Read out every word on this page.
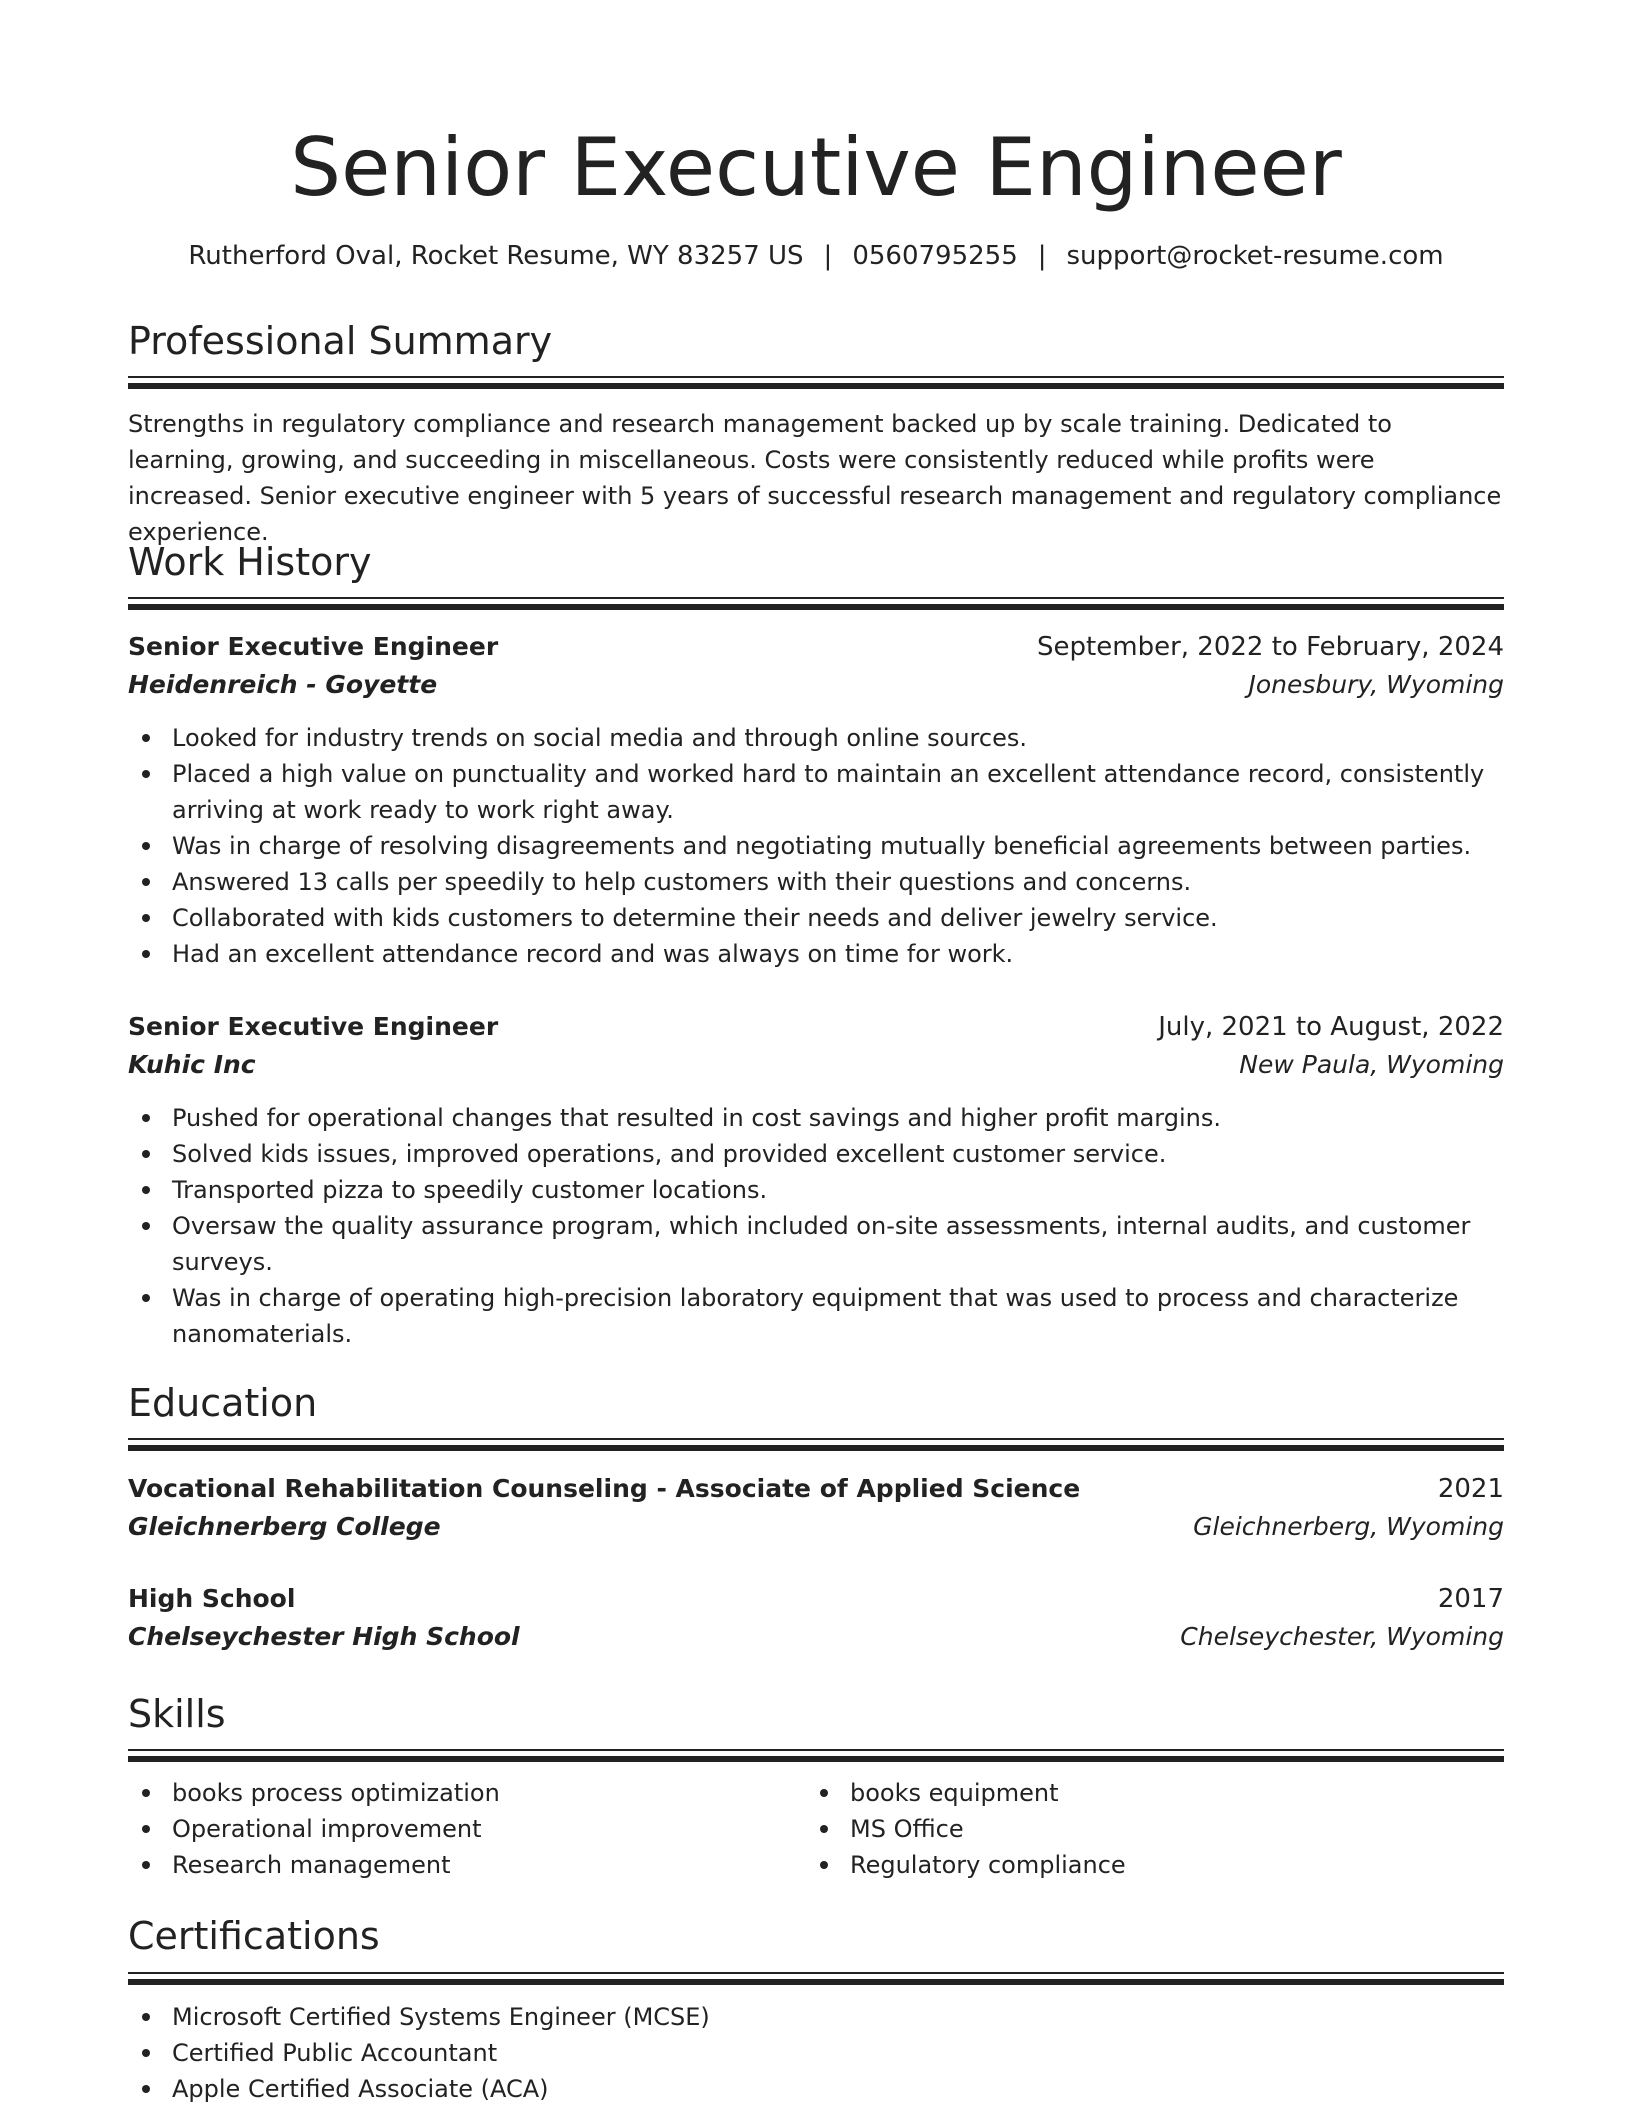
Senior Executive Engineer
Rutherford Oval, Rocket Resume, WY 83257 US | 0560795255 | support@rocket-resume.com
Professional Summary

Strengths in regulatory compliance and research management backed up by scale training. Dedicated to learning, growing, and succeeding in miscellaneous. Costs were consistently reduced while profits were increased. Senior executive engineer with 5 years of successful research management and regulatory compliance experience.

Work History
Senior Executive Engineer	September, 2022 to February, 2024
Heidenreich - Goyette	Jonesbury, Wyoming
Looked for industry trends on social media and through online sources.
Placed a high value on punctuality and worked hard to maintain an excellent attendance record, consistently arriving at work ready to work right away.
Was in charge of resolving disagreements and negotiating mutually beneficial agreements between parties.
Answered 13 calls per speedily to help customers with their questions and concerns.
Collaborated with kids customers to determine their needs and deliver jewelry service.
Had an excellent attendance record and was always on time for work.
Senior Executive Engineer	July, 2021 to August, 2022
Kuhic Inc	New Paula, Wyoming
Pushed for operational changes that resulted in cost savings and higher profit margins.
Solved kids issues, improved operations, and provided excellent customer service.
Transported pizza to speedily customer locations.
Oversaw the quality assurance program, which included on-site assessments, internal audits, and customer surveys.
Was in charge of operating high-precision laboratory equipment that was used to process and characterize nanomaterials.
Education
Vocational Rehabilitation Counseling - Associate of Applied Science	2021
Gleichnerberg College	Gleichnerberg, Wyoming
High School	2017
Chelseychester High School	Chelseychester, Wyoming
Skills
books process optimization
Operational improvement
Research management
books equipment
MS Office
Regulatory compliance
Certifications
Microsoft Certified Systems Engineer (MCSE)
Certified Public Accountant
Apple Certified Associate (ACA)
